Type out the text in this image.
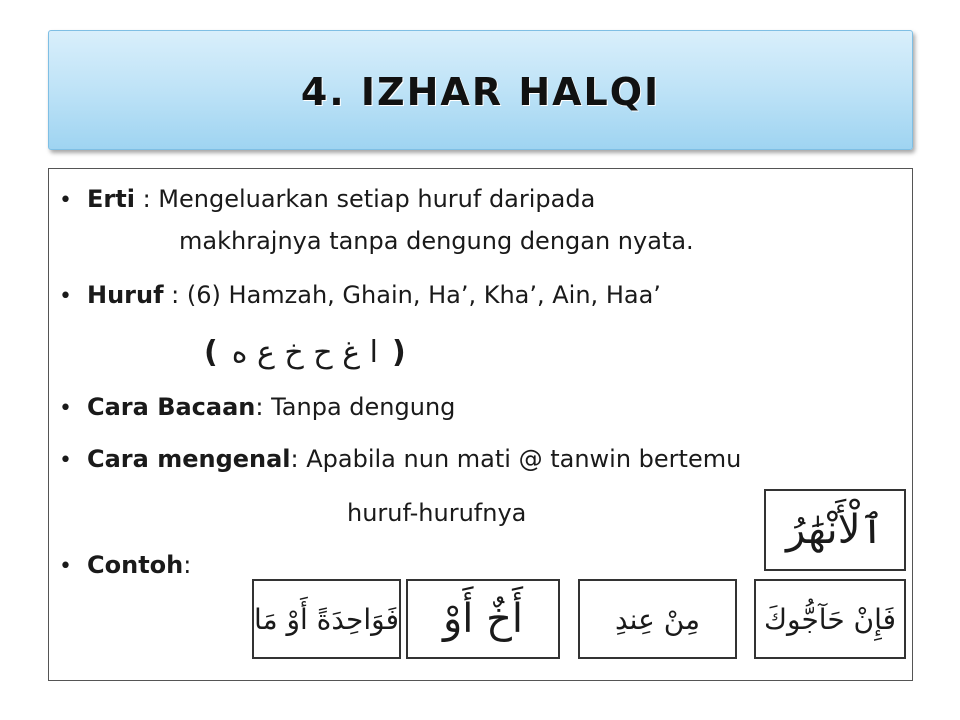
4. IZHAR HALQI
• Erti : Mengeluarkan setiap huruf daripada
makhrajnya tanpa dengung dengan nyata.
• Huruf : (6) Hamzah, Ghain, Ha’, Kha’, Ain, Haa’
( ا غ ح خ ع ه )
• Cara Bacaan: Tanpa dengung
• Cara mengenal: Apabila nun mati @ tanwin bertemu
huruf-hurufnya
• Contoh:
ٱلْأَنْهَٰرُ
فَوَاحِدَةً أَوْ مَا أَخٌ أَوْ	مِنْ عِندِ فَإِنْ حَآجُّوكَ
